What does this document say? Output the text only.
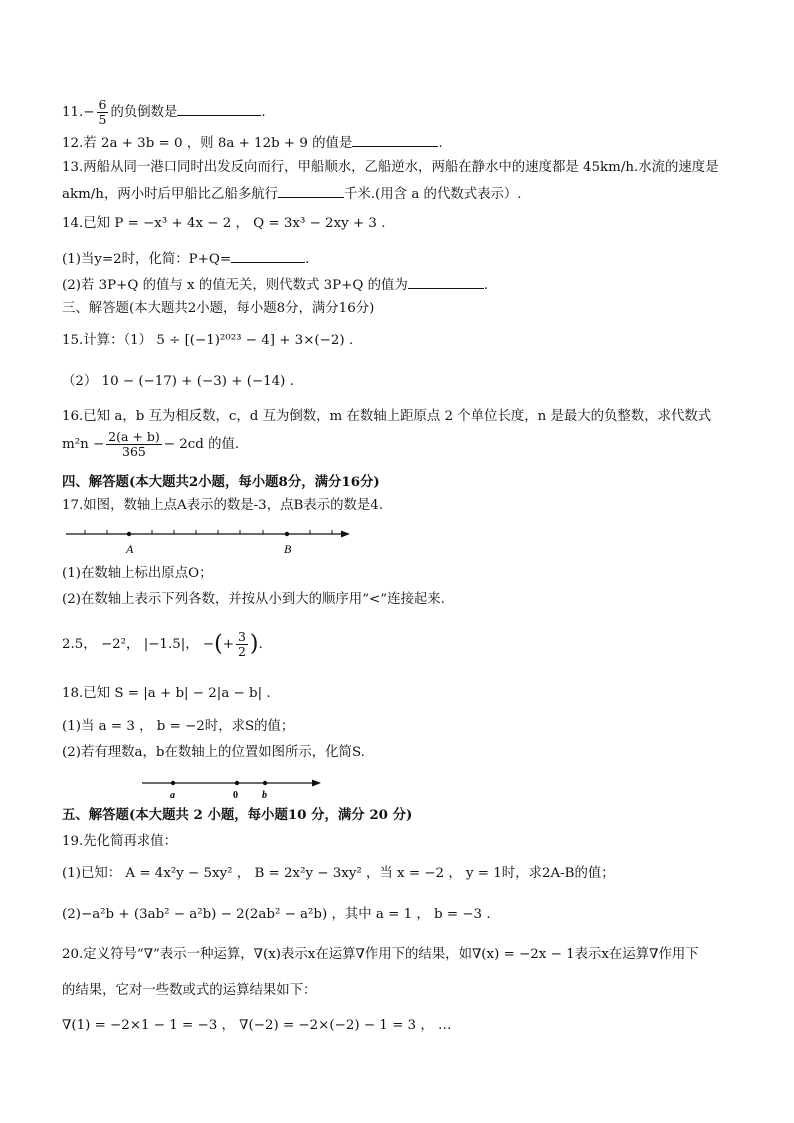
$11.- \frac{6}{5}$ 的负倒数是	.
12.若 2a + 3b = 0 ，则 8a + 12b + 9 的值是	.
13.两船从同一港口同时出发反向而行，甲船顺水，乙船逆水，两船在静水中的速度都是 45km/h.水流的速度是
akm/h，两小时后甲船比乙船多航行	千米.(用含 a 的代数式表示）.
14.已知 P = −x³ + 4x − 2 ， Q = 3x³ − 2xy + 3 .
(1)当y=2时，化简：P+Q=	.
(2)若 3P+Q 的值与 x 的值无关，则代数式 3P+Q 的值为	.
三、解答题(本大题共2小题，每小题8分，满分16分)
15.计算：（1） 5 ÷ [(−1)²⁰²³ − 4] + 3×(−2) .
（2） 10 − (−17) + (−3) + (−14) .
16.已知 a，b 互为相反数，c，d 互为倒数，m 在数轴上距原点 2 个单位长度，n 是最大的负整数，求代数式
$m^2n - \frac{2(a + b)}{365} - 2cd$ 的值.
四、解答题(本大题共2小题，每小题8分，满分16分)
17.如图，数轴上点A表示的数是-3，点B表示的数是4.
A	B
(1)在数轴上标出原点O；
(2)在数轴上表示下列各数，并按从小到大的顺序用“<”连接起来.
2.5， −2²， |−1.5|， −(+ $\frac{3}{2}$ ).
18.已知 S = |a + b| − 2|a − b| .
(1)当 a = 3 ， b = −2时，求S的值；
(2)若有理数a，b在数轴上的位置如图所示，化简S.
a	0 b
五、解答题(本大题共 2 小题，每小题10 分，满分 20 分)
19.先化简再求值：
(1)已知： A = 4x²y − 5xy² ， B = 2x²y − 3xy² ，当 x = −2 ， y = 1时，求2A-B的值；
(2)−a²b + (3ab² − a²b) − 2(2ab² − a²b) ，其中 a = 1 ， b = −3 .
20.定义符号“∇”表示一种运算，∇(x)表示x在运算∇作用下的结果，如∇(x) = −2x − 1表示x在运算∇作用下
的结果，它对一些数或式的运算结果如下：
∇(1) = −2×1 − 1 = −3 ， ∇(−2) = −2×(−2) − 1 = 3 ， …
